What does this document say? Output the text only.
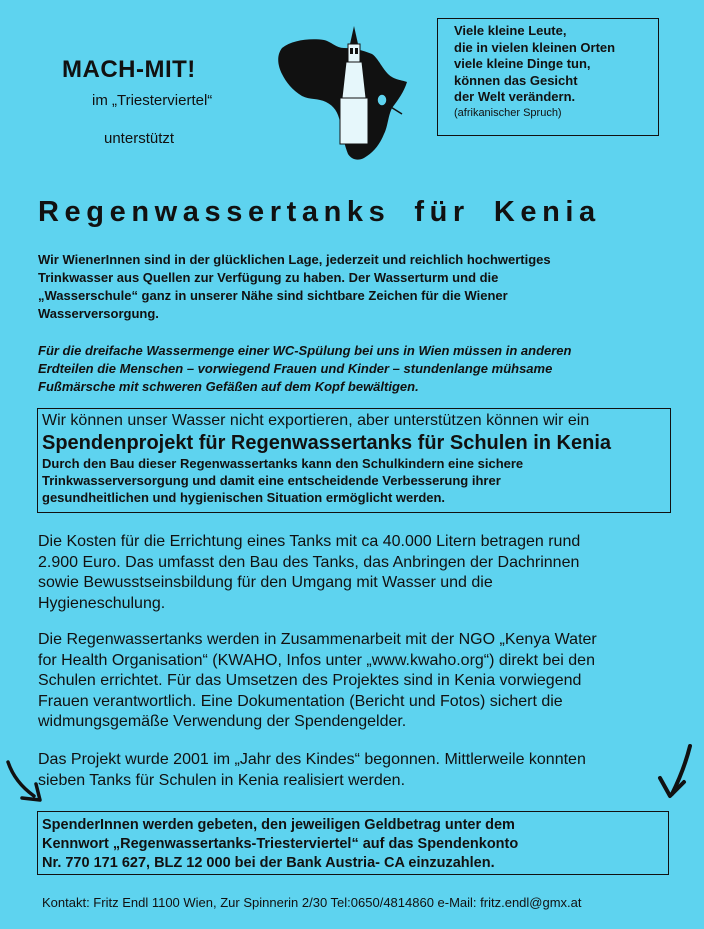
MACH-MIT!
im „Triesterviertel“
unterstützt
Viele kleine Leute,
die in vielen kleinen Orten
viele kleine Dinge tun,
können das Gesicht
der Welt verändern.
(afrikanischer Spruch)
Regenwassertanks für Kenia
Wir WienerInnen sind in der glücklichen Lage, jederzeit und reichlich hochwertiges
Trinkwasser aus Quellen zur Verfügung zu haben. Der Wasserturm und die
„Wasserschule“ ganz in unserer Nähe sind sichtbare Zeichen für die Wiener
Wasserversorgung.
Für die dreifache Wassermenge einer WC-Spülung bei uns in Wien müssen in anderen
Erdteilen die Menschen – vorwiegend Frauen und Kinder – stundenlange mühsame
Fußmärsche mit schweren Gefäßen auf dem Kopf bewältigen.
Wir können unser Wasser nicht exportieren, aber unterstützen können wir ein
Spendenprojekt für Regenwassertanks für Schulen in Kenia
Durch den Bau dieser Regenwassertanks kann den Schulkindern eine sichere
Trinkwasserversorgung und damit eine entscheidende Verbesserung ihrer
gesundheitlichen und hygienischen Situation ermöglicht werden.
Die Kosten für die Errichtung eines Tanks mit ca 40.000 Litern betragen rund
2.900 Euro. Das umfasst den Bau des Tanks, das Anbringen der Dachrinnen
sowie Bewusstseinsbildung für den Umgang mit Wasser und die
Hygieneschulung.
Die Regenwassertanks werden in Zusammenarbeit mit der NGO „Kenya Water
for Health Organisation“ (KWAHO, Infos unter „www.kwaho.org“) direkt bei den
Schulen errichtet. Für das Umsetzen des Projektes sind in Kenia vorwiegend
Frauen verantwortlich. Eine Dokumentation (Bericht und Fotos) sichert die
widmungsgemäße Verwendung der Spendengelder.
Das Projekt wurde 2001 im „Jahr des Kindes“ begonnen. Mittlerweile konnten
sieben Tanks für Schulen in Kenia realisiert werden.
SpenderInnen werden gebeten, den jeweiligen Geldbetrag unter dem
Kennwort „Regenwassertanks-Triesterviertel“ auf das Spendenkonto
Nr. 770 171 627, BLZ 12 000 bei der Bank Austria- CA einzuzahlen.
Kontakt: Fritz Endl 1100 Wien, Zur Spinnerin 2/30 Tel:0650/4814860 e-Mail: fritz.endl@gmx.at
